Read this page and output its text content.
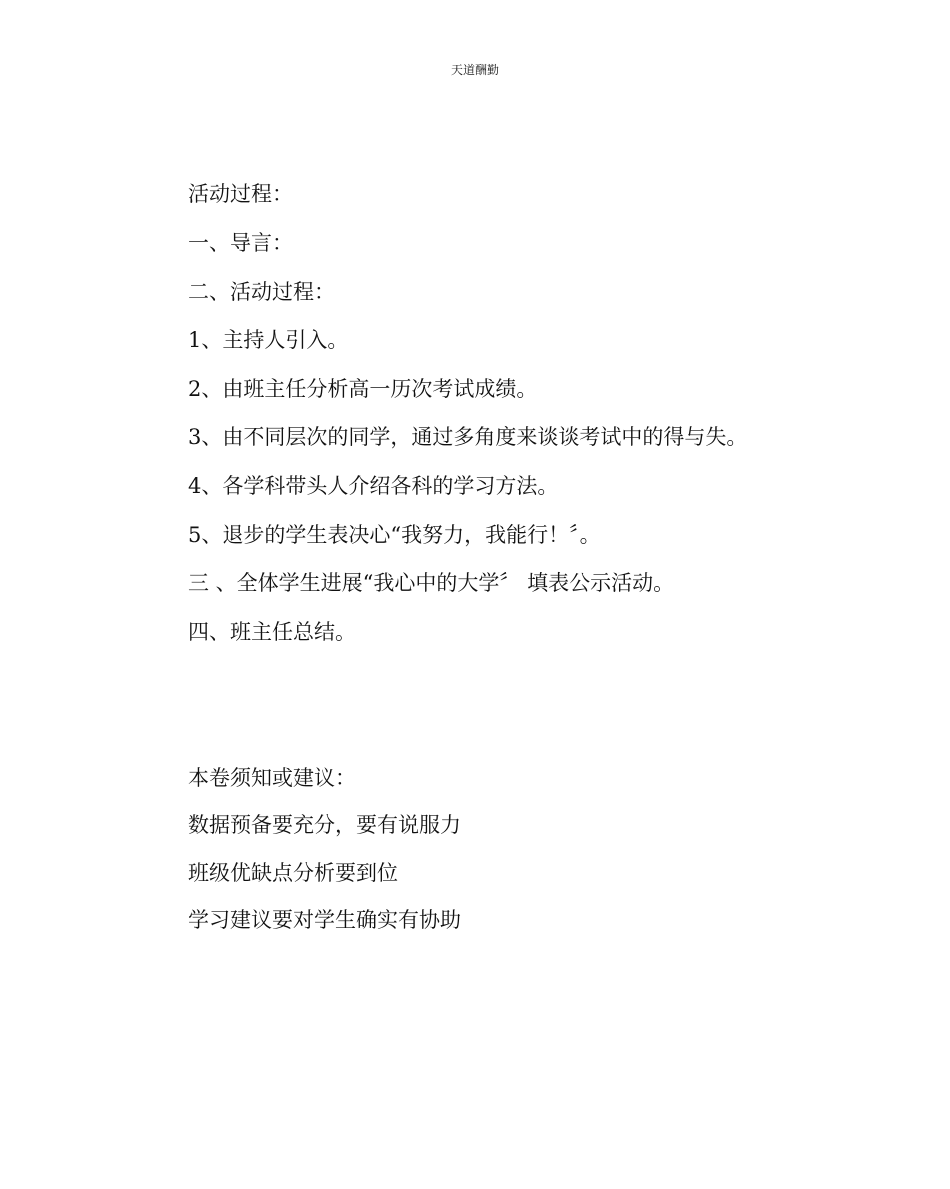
天道酬勤
活动过程：
一、导言：
二、活动过程：
1、主持人引入。
2、由班主任分析高一历次考试成绩。
3、由不同层次的同学，通过多角度来谈谈考试中的得与失。
4、各学科带头人介绍各科的学习方法。
5、退步的学生表决心“我努力，我能行！〞。
三 、全体学生进展“我心中的大学〞 填表公示活动。
四、班主任总结。
本卷须知或建议：
数据预备要充分，要有说服力
班级优缺点分析要到位
学习建议要对学生确实有协助
